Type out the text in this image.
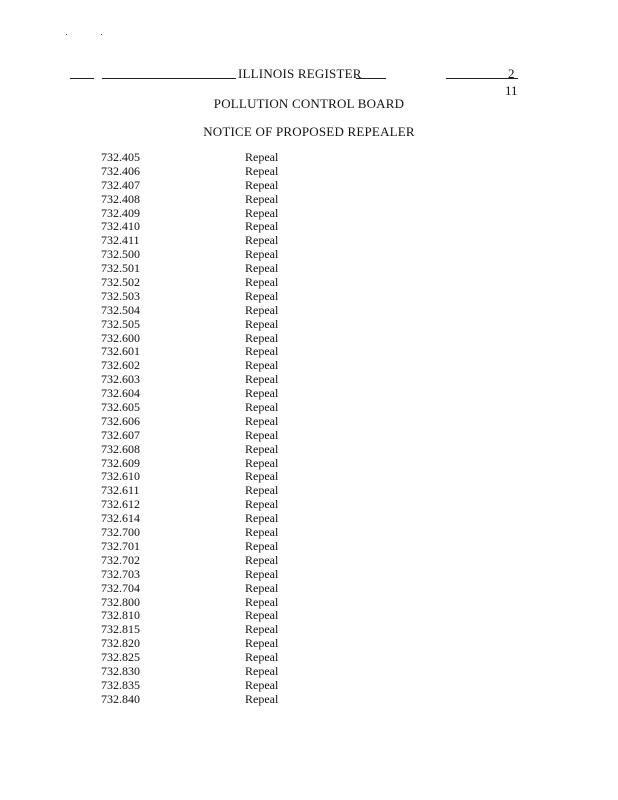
ILLINOIS REGISTER	2
11
POLLUTION CONTROL BOARD
NOTICE OF PROPOSED REPEALER
732.405	Repeal
732.406	Repeal
732.407	Repeal
732.408	Repeal
732.409	Repeal
732.410	Repeal
732.411	Repeal
732.500	Repeal
732.501	Repeal
732.502	Repeal
732.503	Repeal
732.504	Repeal
732.505	Repeal
732.600	Repeal
732.601	Repeal
732.602	Repeal
732.603	Repeal
732.604	Repeal
732.605	Repeal
732.606	Repeal
732.607	Repeal
732.608	Repeal
732.609	Repeal
732.610	Repeal
732.611	Repeal
732.612	Repeal
732.614	Repeal
732.700	Repeal
732.701	Repeal
732.702	Repeal
732.703	Repeal
732.704	Repeal
732.800	Repeal
732.810	Repeal
732.815	Repeal
732.820	Repeal
732.825	Repeal
732.830	Repeal
732.835	Repeal
732.840	Repeal
